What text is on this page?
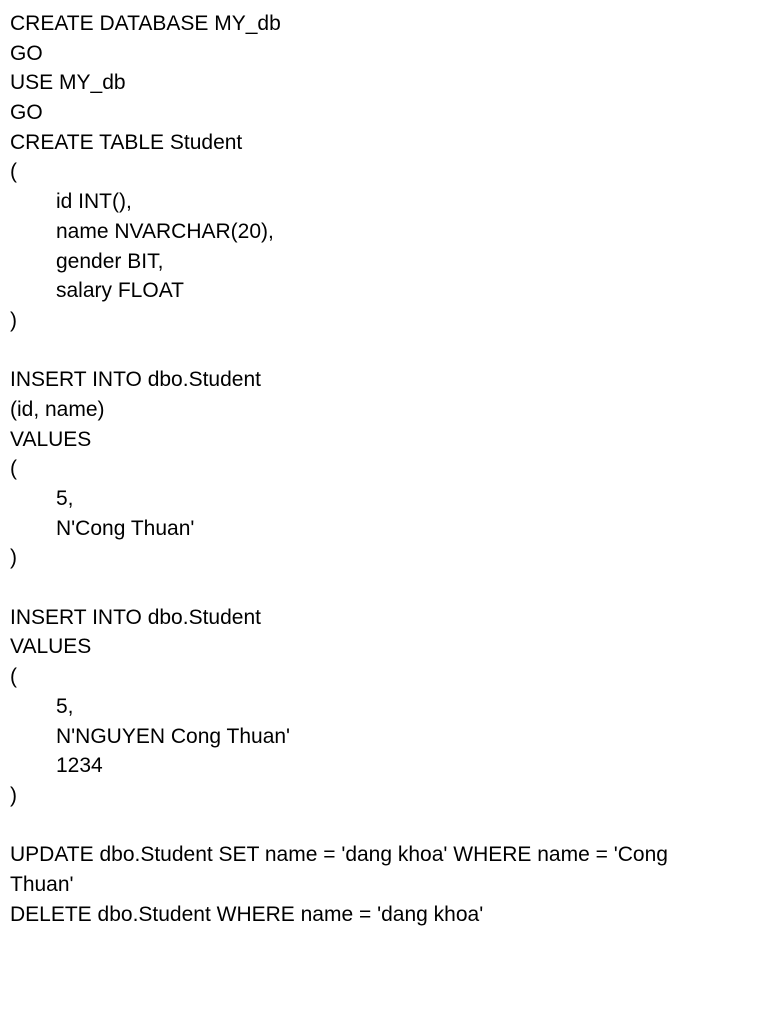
CREATE DATABASE MY_db
GO
USE MY_db
GO
CREATE TABLE Student
(
id INT(),
name NVARCHAR(20),
gender BIT,
salary FLOAT
)
INSERT INTO dbo.Student
(id, name)
VALUES
(
5,
N'Cong Thuan'
)
INSERT INTO dbo.Student
VALUES
(
5,
N'NGUYEN Cong Thuan'
1234
)
UPDATE dbo.Student SET name = 'dang khoa' WHERE name = 'Cong
Thuan'
DELETE dbo.Student WHERE name = 'dang khoa'
